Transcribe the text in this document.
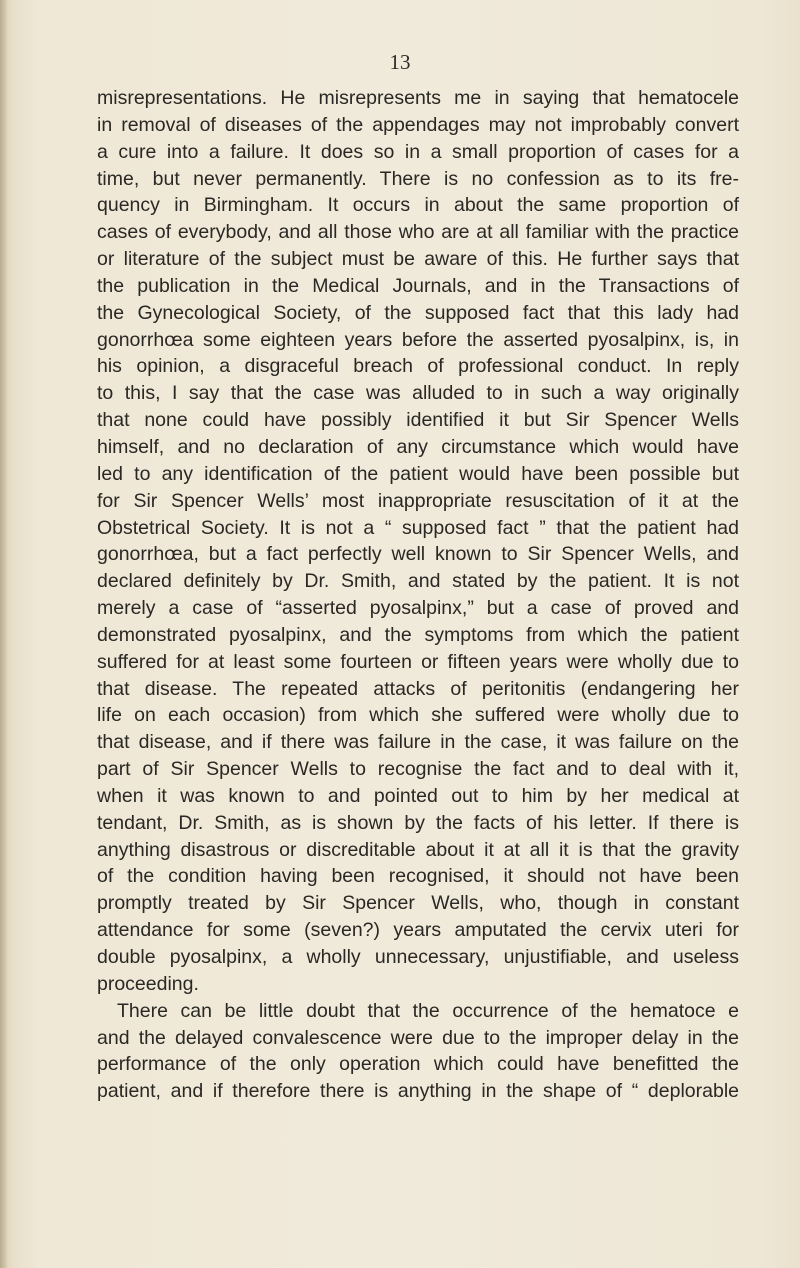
13
misrepresentations. He misrepresents me in saying that hematocele
in removal of diseases of the appendages may not improbably convert
a cure into a failure. It does so in a small proportion of cases for a
time, but never permanently. There is no confession as to its fre-
quency in Birmingham. It occurs in about the same proportion of
cases of everybody, and all those who are at all familiar with the practice
or literature of the subject must be aware of this. He further says that
the publication in the Medical Journals, and in the Transactions of
the Gynecological Society, of the supposed fact that this lady had
gonorrhœa some eighteen years before the asserted pyosalpinx, is, in
his opinion, a disgraceful breach of professional conduct. In reply
to this, I say that the case was alluded to in such a way originally
that none could have possibly identified it but Sir Spencer Wells
himself, and no declaration of any circumstance which would have
led to any identification of the patient would have been possible but
for Sir Spencer Wells’ most inappropriate resuscitation of it at the
Obstetrical Society. It is not a “ supposed fact ” that the patient had
gonorrhœa, but a fact perfectly well known to Sir Spencer Wells, and
declared definitely by Dr. Smith, and stated by the patient. It is not
merely a case of “asserted pyosalpinx,” but a case of proved and
demonstrated pyosalpinx, and the symptoms from which the patient
suffered for at least some fourteen or fifteen years were wholly due to
that disease. The repeated attacks of peritonitis (endangering her
life on each occasion) from which she suffered were wholly due to
that disease, and if there was failure in the case, it was failure on the
part of Sir Spencer Wells to recognise the fact and to deal with it,
when it was known to and pointed out to him by her medical at
tendant, Dr. Smith, as is shown by the facts of his letter. If there is
anything disastrous or discreditable about it at all it is that the gravity
of the condition having been recognised, it should not have been
promptly treated by Sir Spencer Wells, who, though in constant
attendance for some (seven?) years amputated the cervix uteri for
double pyosalpinx, a wholly unnecessary, unjustifiable, and useless
proceeding.
There can be little doubt that the occurrence of the hematoce e
and the delayed convalescence were due to the improper delay in the
performance of the only operation which could have benefitted the
patient, and if therefore there is anything in the shape of “ deplorable
